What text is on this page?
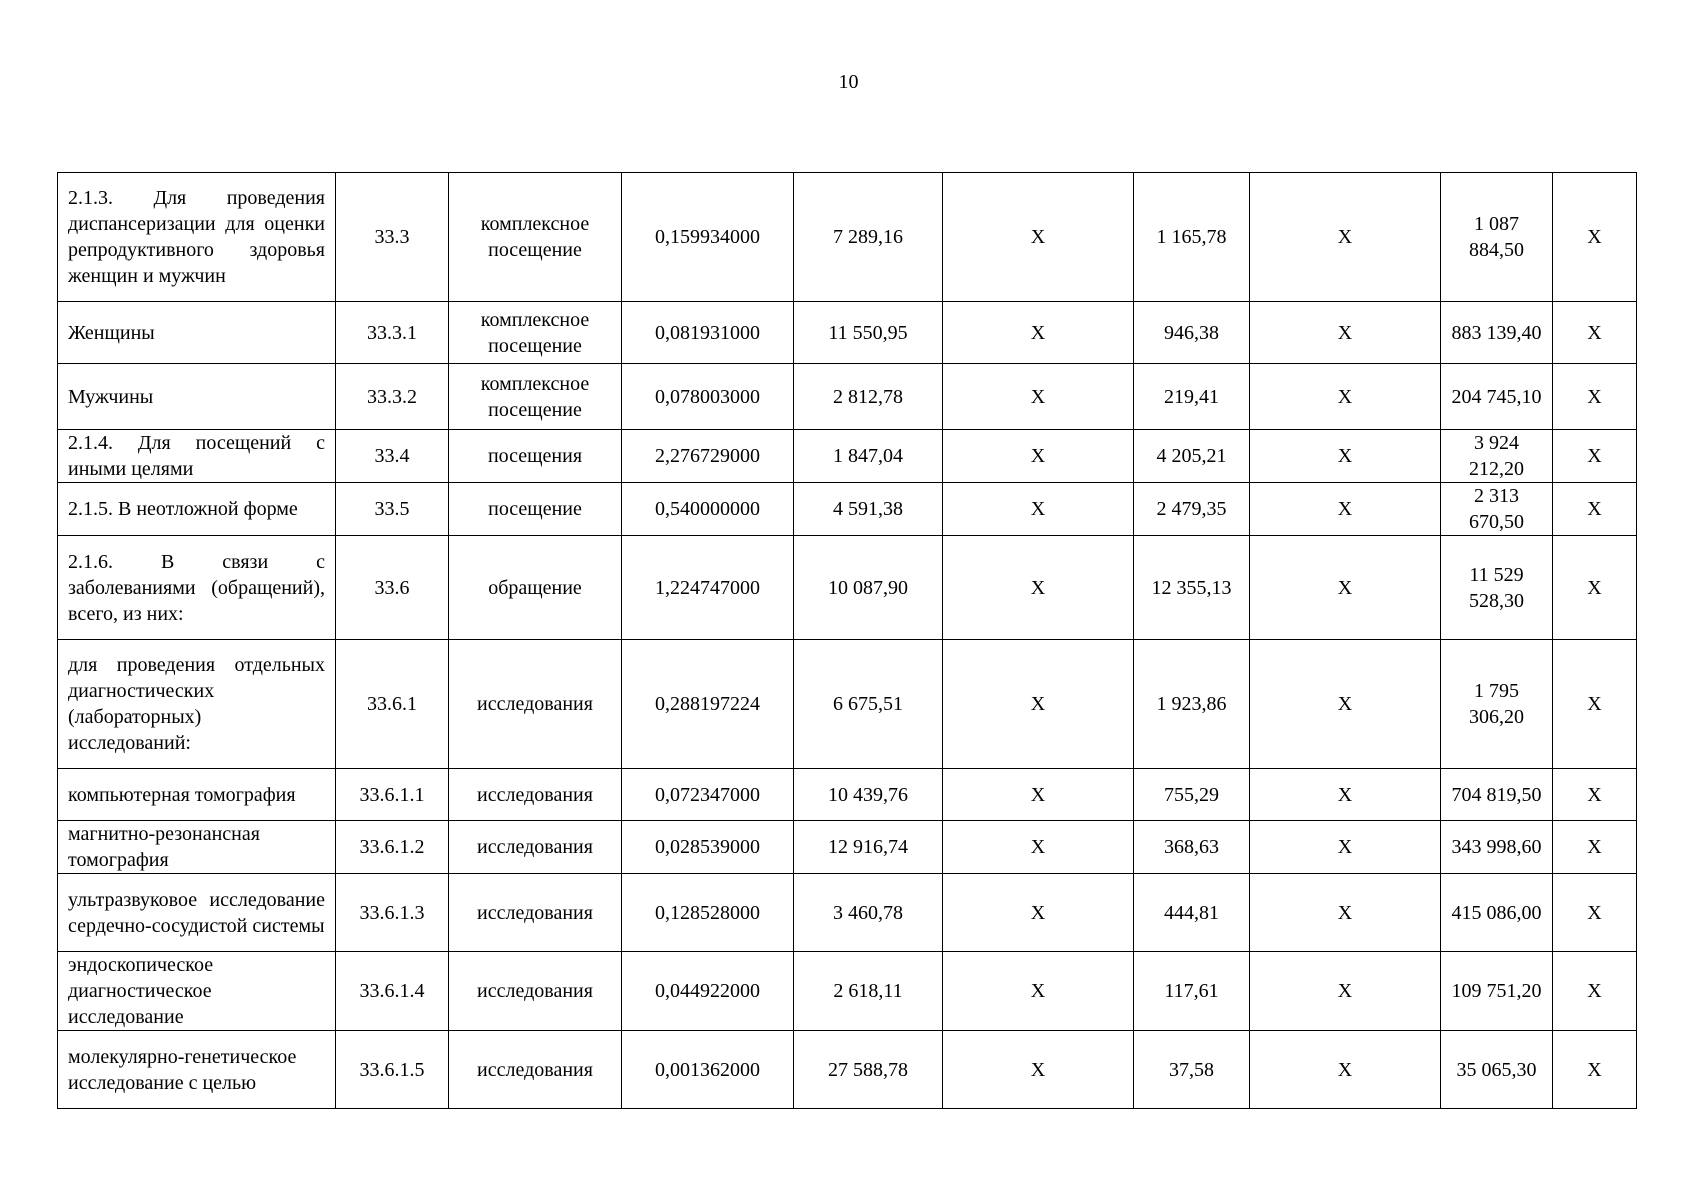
10
2.1.3. Для проведения диспансеризации для оценки репродуктивного здоровья женщин и мужчин	33.3	комплексное посещение	0,159934000	7 289,16	X	1 165,78	X	1 087 884,50	X
Женщины	33.3.1	комплексное посещение	0,081931000	11 550,95	X	946,38	X	883 139,40	X
Мужчины	33.3.2	комплексное посещение	0,078003000	2 812,78	X	219,41	X	204 745,10	X
2.1.4. Для посещений с иными целями	33.4	посещения	2,276729000	1 847,04	X	4 205,21	X	3 924 212,20	X
2.1.5. В неотложной форме	33.5	посещение	0,540000000	4 591,38	X	2 479,35	X	2 313 670,50	X
2.1.6. В связи с заболеваниями (обращений), всего, из них:	33.6	обращение	1,224747000	10 087,90	X	12 355,13	X	11 529 528,30	X
для проведения отдельных диагностических (лабораторных) исследований:	33.6.1	исследования	0,288197224	6 675,51	X	1 923,86	X	1 795 306,20	X
компьютерная томография	33.6.1.1	исследования	0,072347000	10 439,76	X	755,29	X	704 819,50	X
магнитно-резонансная томография	33.6.1.2	исследования	0,028539000	12 916,74	X	368,63	X	343 998,60	X
ультразвуковое исследование сердечно-сосудистой системы	33.6.1.3	исследования	0,128528000	3 460,78	X	444,81	X	415 086,00	X
эндоскопическое диагностическое исследование	33.6.1.4	исследования	0,044922000	2 618,11	X	117,61	X	109 751,20	X
молекулярно-генетическое исследование с целью	33.6.1.5	исследования	0,001362000	27 588,78	X	37,58	X	35 065,30	X
